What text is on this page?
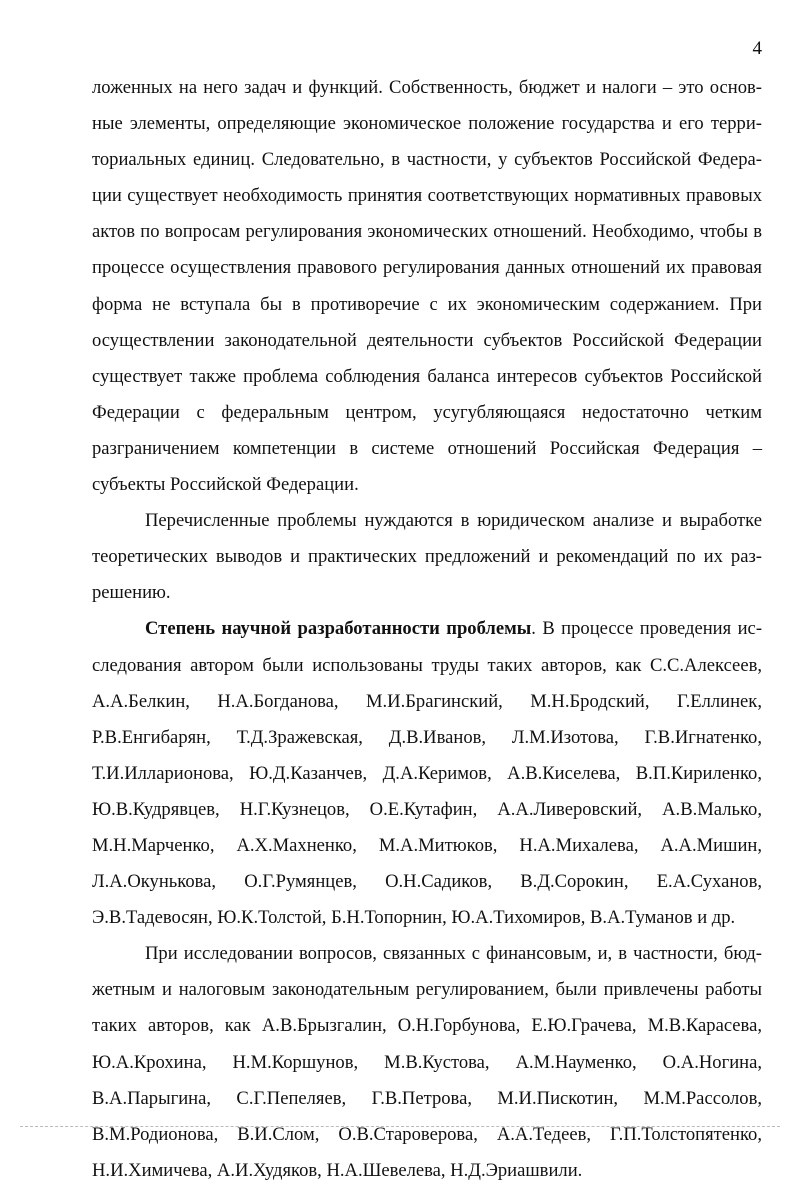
4

ложенных на него задач и функций. Собственность, бюджет и налоги – это основные элементы, определяющие экономическое положение государства и его территориальных единиц. Следовательно, в частности, у субъектов Российской Федерации существует необходимость принятия соответствующих нормативных правовых актов по вопросам регулирования экономических отношений. Необходимо, чтобы в процессе осуществления правового регулирования данных отношений их правовая форма не вступала бы в противоречие с их экономическим содержанием. При осуществлении законодательной деятельности субъектов Российской Федерации существует также проблема соблюдения баланса интересов субъектов Российской Федерации с федеральным центром, усугубляющаяся недостаточно четким разграничением компетенции в системе отношений Российская Федерация – субъекты Российской Федерации.

Перечисленные проблемы нуждаются в юридическом анализе и выработке теоретических выводов и практических предложений и рекомендаций по их разрешению.

Степень научной разработанности проблемы. В процессе проведения исследования автором были использованы труды таких авторов, как С.С.Алексеев, А.А.Белкин, Н.А.Богданова, М.И.Брагинский, М.Н.Бродский, Г.Еллинек, Р.В.Енгибарян, Т.Д.Зражевская, Д.В.Иванов, Л.М.Изотова, Г.В.Игнатенко, Т.И.Илларионова, Ю.Д.Казанчев, Д.А.Керимов, А.В.Киселева, В.П.Кириленко, Ю.В.Кудрявцев, Н.Г.Кузнецов, О.Е.Кутафин, А.А.Ливеровский, А.В.Малько, М.Н.Марченко, А.Х.Махненко, М.А.Митюков, Н.А.Михалева, А.А.Мишин, Л.А.Окунькова, О.Г.Румянцев, О.Н.Садиков, В.Д.Сорокин, Е.А.Суханов, Э.В.Тадевосян, Ю.К.Толстой, Б.Н.Топорнин, Ю.А.Тихомиров, В.А.Туманов и др.

При исследовании вопросов, связанных с финансовым, и, в частности, бюджетным и налоговым законодательным регулированием, были привлечены работы таких авторов, как А.В.Брызгалин, О.Н.Горбунова, Е.Ю.Грачева, М.В.Карасева, Ю.А.Крохина, Н.М.Коршунов, М.В.Кустова, А.М.Науменко, О.А.Ногина, В.А.Парыгина, С.Г.Пепеляев, Г.В.Петрова, М.И.Пискотин, М.М.Рассолов, В.М.Родионова, В.И.Слом, О.В.Староверова, А.А.Тедеев, Г.П.Толстопятенко, Н.И.Химичева, А.И.Худяков, Н.А.Шевелева, Н.Д.Эриашвили.
